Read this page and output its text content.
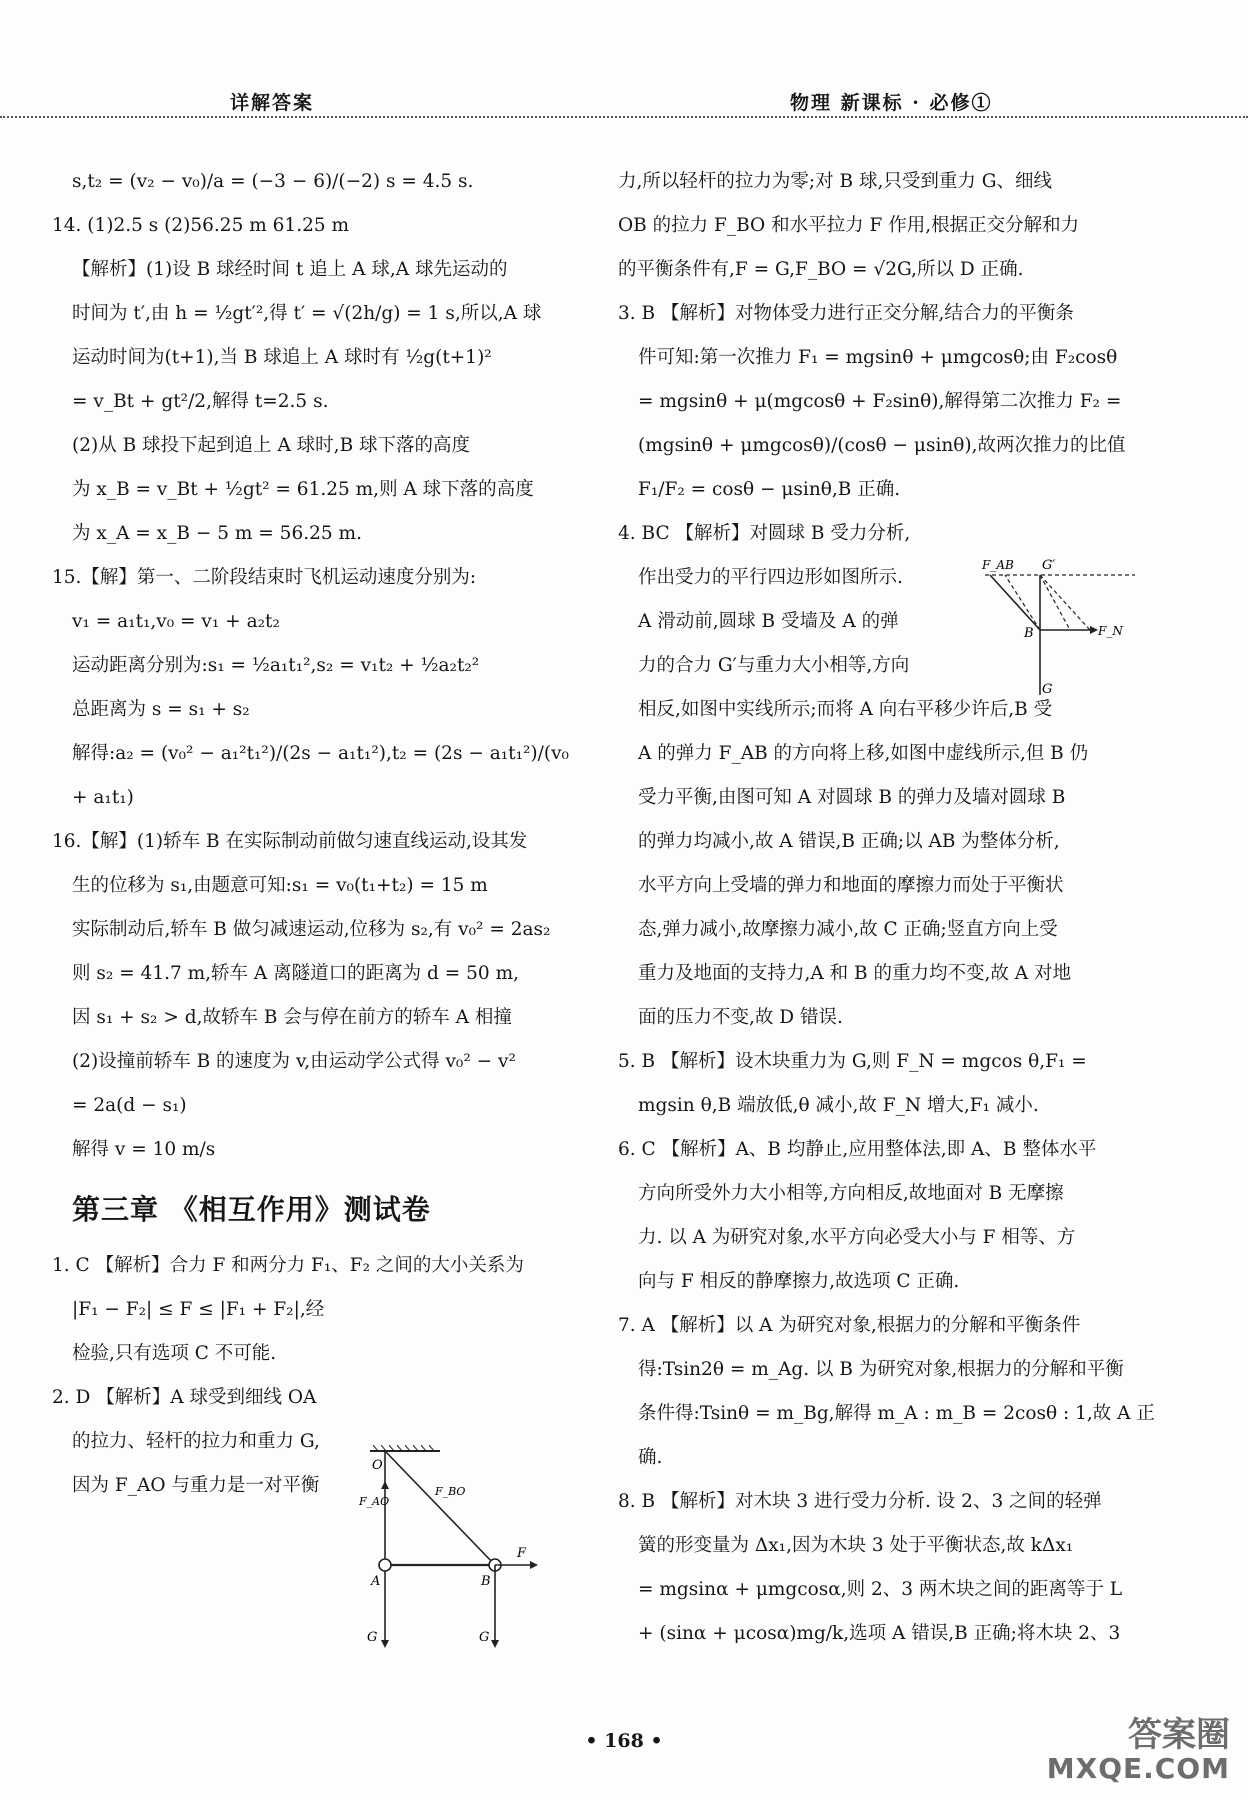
详解答案	物理 新课标 · 必修①

s,t₂ = (v₂ − v₀)/a = (−3 − 6)/(−2) s = 4.5 s.

14. (1)2.5 s (2)56.25 m 61.25 m

【解析】(1)设 B 球经时间 t 追上 A 球,A 球先运动的

时间为 t′,由 h = ½gt′²,得 t′ = √(2h/g) = 1 s,所以,A 球

运动时间为(t+1),当 B 球追上 A 球时有 ½g(t+1)²

= v_Bt + gt²/2,解得 t=2.5 s.

(2)从 B 球投下起到追上 A 球时,B 球下落的高度

为 x_B = v_Bt + ½gt² = 61.25 m,则 A 球下落的高度

为 x_A = x_B − 5 m = 56.25 m.

15.【解】第一、二阶段结束时飞机运动速度分别为:

v₁ = a₁t₁,v₀ = v₁ + a₂t₂

运动距离分别为:s₁ = ½a₁t₁²,s₂ = v₁t₂ + ½a₂t₂²

总距离为 s = s₁ + s₂

解得:a₂ = (v₀² − a₁²t₁²)/(2s − a₁t₁²),t₂ = (2s − a₁t₁²)/(v₀ + a₁t₁)

16.【解】(1)轿车 B 在实际制动前做匀速直线运动,设其发

生的位移为 s₁,由题意可知:s₁ = v₀(t₁+t₂) = 15 m

实际制动后,轿车 B 做匀减速运动,位移为 s₂,有 v₀² = 2as₂

则 s₂ = 41.7 m,轿车 A 离隧道口的距离为 d = 50 m,

因 s₁ + s₂ > d,故轿车 B 会与停在前方的轿车 A 相撞

(2)设撞前轿车 B 的速度为 v,由运动学公式得 v₀² − v²

= 2a(d − s₁)

解得 v = 10 m/s

第三章 《相互作用》测试卷

1. C 【解析】合力 F 和两分力 F₁、F₂ 之间的大小关系为

|F₁ − F₂| ≤ F ≤ |F₁ + F₂|,经

检验,只有选项 C 不可能.

2. D 【解析】A 球受到细线 OA

的拉力、轻杆的拉力和重力 G,

因为 F_AO 与重力是一对平衡

力,所以轻杆的拉力为零;对 B 球,只受到重力 G、细线

OB 的拉力 F_BO 和水平拉力 F 作用,根据正交分解和力

的平衡条件有,F = G,F_BO = √2G,所以 D 正确.

3. B 【解析】对物体受力进行正交分解,结合力的平衡条

件可知:第一次推力 F₁ = mgsinθ + μmgcosθ;由 F₂cosθ

= mgsinθ + μ(mgcosθ + F₂sinθ),解得第二次推力 F₂ =

(mgsinθ + μmgcosθ)/(cosθ − μsinθ),故两次推力的比值

F₁/F₂ = cosθ − μsinθ,B 正确.

4. BC 【解析】对圆球 B 受力分析,

作出受力的平行四边形如图所示.

A 滑动前,圆球 B 受墙及 A 的弹

力的合力 G′与重力大小相等,方向

相反,如图中实线所示;而将 A 向右平移少许后,B 受

A 的弹力 F_AB 的方向将上移,如图中虚线所示,但 B 仍

受力平衡,由图可知 A 对圆球 B 的弹力及墙对圆球 B

的弹力均减小,故 A 错误,B 正确;以 AB 为整体分析,

水平方向上受墙的弹力和地面的摩擦力而处于平衡状

态,弹力减小,故摩擦力减小,故 C 正确;竖直方向上受

重力及地面的支持力,A 和 B 的重力均不变,故 A 对地

面的压力不变,故 D 错误.

5. B 【解析】设木块重力为 G,则 F_N = mgcos θ,F₁ =

mgsin θ,B 端放低,θ 减小,故 F_N 增大,F₁ 减小.

6. C 【解析】A、B 均静止,应用整体法,即 A、B 整体水平

方向所受外力大小相等,方向相反,故地面对 B 无摩擦

力. 以 A 为研究对象,水平方向必受大小与 F 相等、方

向与 F 相反的静摩擦力,故选项 C 正确.

7. A 【解析】以 A 为研究对象,根据力的分解和平衡条件

得:Tsin2θ = m_Ag. 以 B 为研究对象,根据力的分解和平衡

条件得:Tsinθ = m_Bg,解得 m_A : m_B = 2cosθ : 1,故 A 正确.

8. B 【解析】对木块 3 进行受力分析. 设 2、3 之间的轻弹

簧的形变量为 Δx₁,因为木块 3 处于平衡状态,故 kΔx₁

= mgsinα + μmgcosα,则 2、3 两木块之间的距离等于 L

+ (sinα + μcosα)mg/k,选项 A 错误,B 正确;将木块 2、3

F_AB G′
B	F_N
G
O
F_BO
F_AO
F
A	B
G	G
• 168 •	答案圈
MXQE.COM
